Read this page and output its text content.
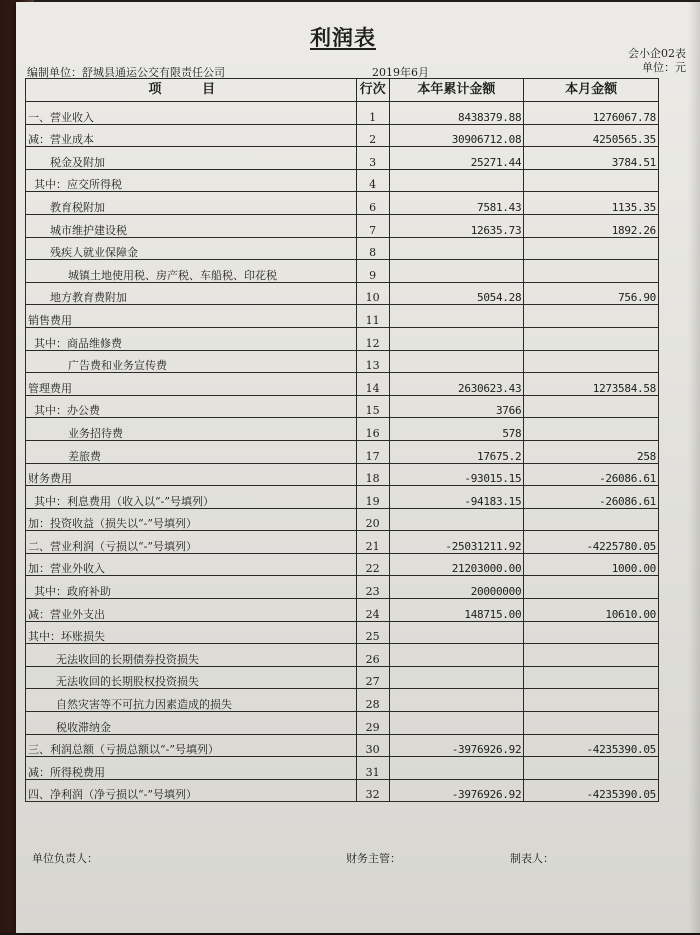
利润表
会小企02表
单位：元
编制单位：舒城县通运公交有限责任公司	2019年6月
项 目	行次	本年累计金额	本月金额
一、营业收入	1	8438379.88	1276067.78
减：营业成本	2	30906712.08	4250565.35
税金及附加	3	25271.44	3784.51
其中：应交所得税	4		
教育税附加	6	7581.43	1135.35
城市维护建设税	7	12635.73	1892.26
残疾人就业保障金	8		
城镇土地使用税、房产税、车船税、印花税	9		
地方教育费附加	10	5054.28	756.90
销售费用	11		
其中：商品维修费	12		
广告费和业务宣传费	13		
管理费用	14	2630623.43	1273584.58
其中：办公费	15	3766	
业务招待费	16	578	
差旅费	17	17675.2	258
财务费用	18	-93015.15	-26086.61
其中：利息费用（收入以“-”号填列）	19	-94183.15	-26086.61
加：投资收益（损失以“-”号填列）	20		
二、营业利润（亏损以“-”号填列）	21	-25031211.92	-4225780.05
加：营业外收入	22	21203000.00	1000.00
其中：政府补助	23	20000000	
减：营业外支出	24	148715.00	10610.00
其中：坏账损失	25		
无法收回的长期债券投资损失	26		
无法收回的长期股权投资损失	27		
自然灾害等不可抗力因素造成的损失	28		
税收滞纳金	29		
三、利润总额（亏损总额以“-”号填列）	30	-3976926.92	-4235390.05
减：所得税费用	31		
四、净利润（净亏损以“-”号填列）	32	-3976926.92	-4235390.05
单位负责人：	财务主管：	制表人：
